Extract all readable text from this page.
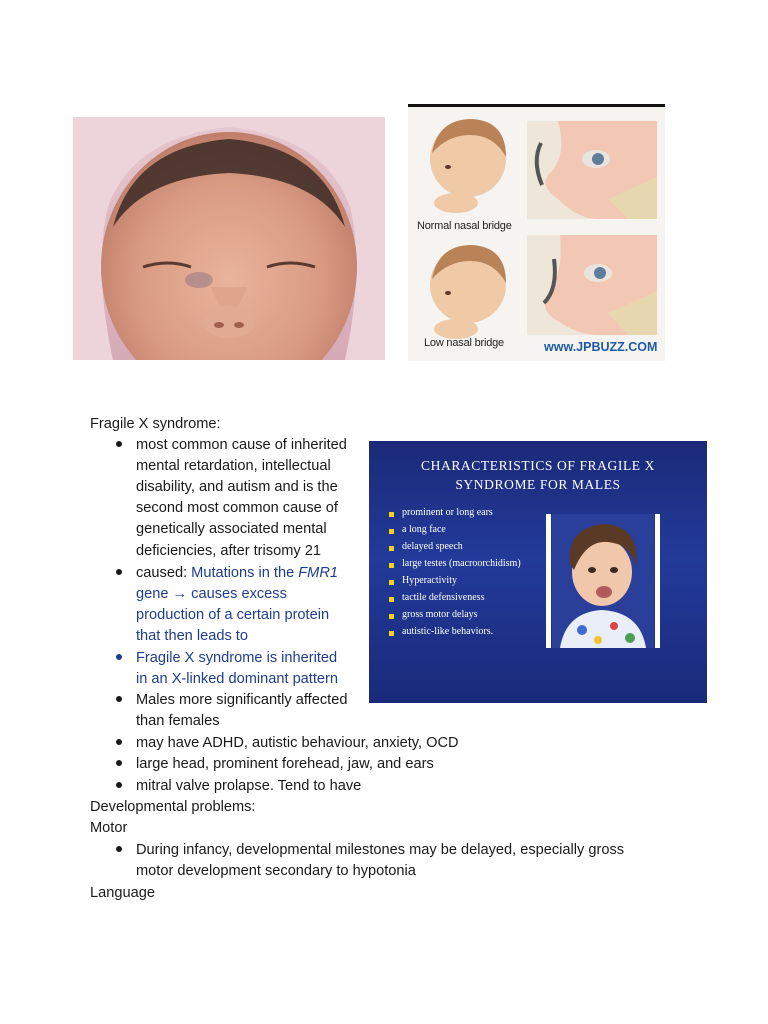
Normal nasal bridge
Low nasal bridge	www.JPBUZZ.COM
CHARACTERISTICS OF FRAGILE X
SYNDROME FOR MALES
prominent or long ears
a long face
delayed speech
large testes (macroorchidism)
Hyperactivity
tactile defensiveness
gross motor delays
autistic-like behaviors.
Fragile X syndrome:
most common cause of inherited
mental retardation, intellectual
disability, and autism and is the
second most common cause of
genetically associated mental
deficiencies, after trisomy 21
caused: Mutations in the FMR1
gene → causes excess
production of a certain protein
that then leads to
Fragile X syndrome is inherited
in an X-linked dominant pattern
Males more significantly affected
than females
may have ADHD, autistic behaviour, anxiety, OCD
large head, prominent forehead, jaw, and ears
mitral valve prolapse. Tend to have
Developmental problems:
Motor
During infancy, developmental milestones may be delayed, especially gross
motor development secondary to hypotonia
Language
